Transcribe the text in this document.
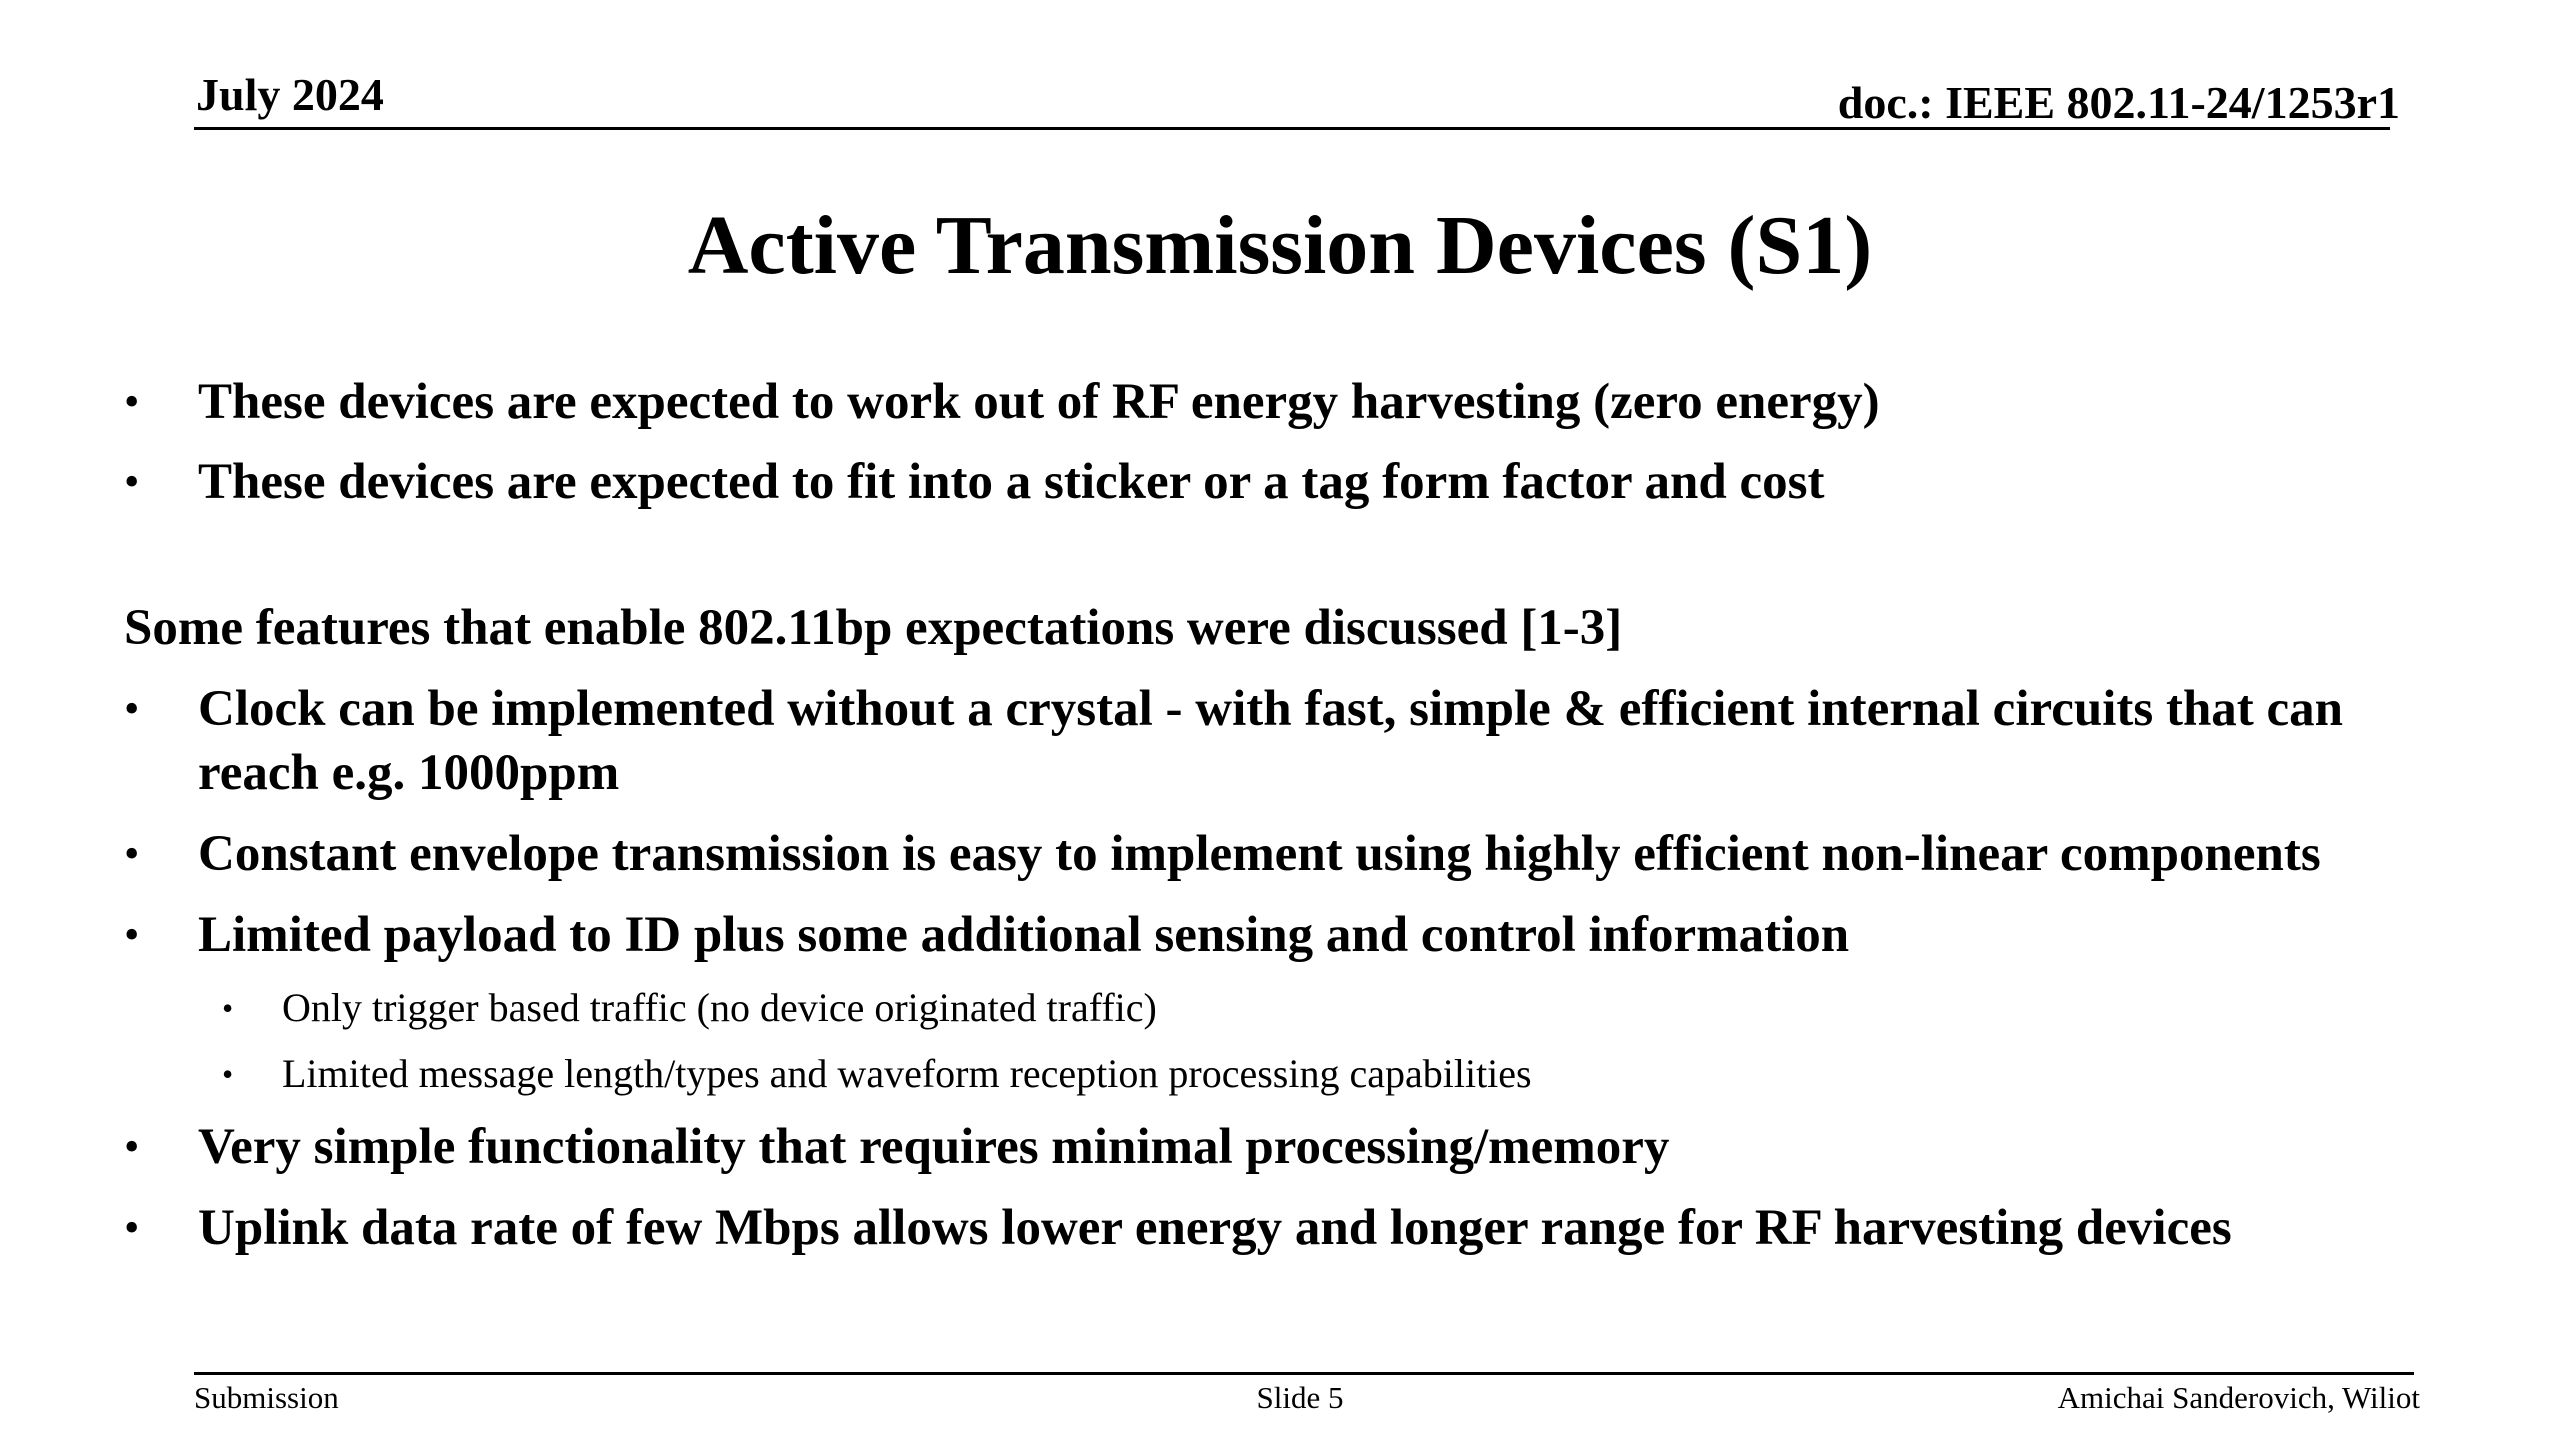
July 2024	doc.: IEEE 802.11-24/1253r1
Active Transmission Devices (S1)
• These devices are expected to work out of RF energy harvesting (zero energy)
• These devices are expected to fit into a sticker or a tag form factor and cost
Some features that enable 802.11bp expectations were discussed [1-3]
• Clock can be implemented without a crystal - with fast, simple & efficient internal circuits that can
reach e.g. 1000ppm
• Constant envelope transmission is easy to implement using highly efficient non-linear components
• Limited payload to ID plus some additional sensing and control information
• Only trigger based traffic (no device originated traffic)
• Limited message length/types and waveform reception processing capabilities
• Very simple functionality that requires minimal processing/memory
• Uplink data rate of few Mbps allows lower energy and longer range for RF harvesting devices
Submission	Slide 5	Amichai Sanderovich, Wiliot
